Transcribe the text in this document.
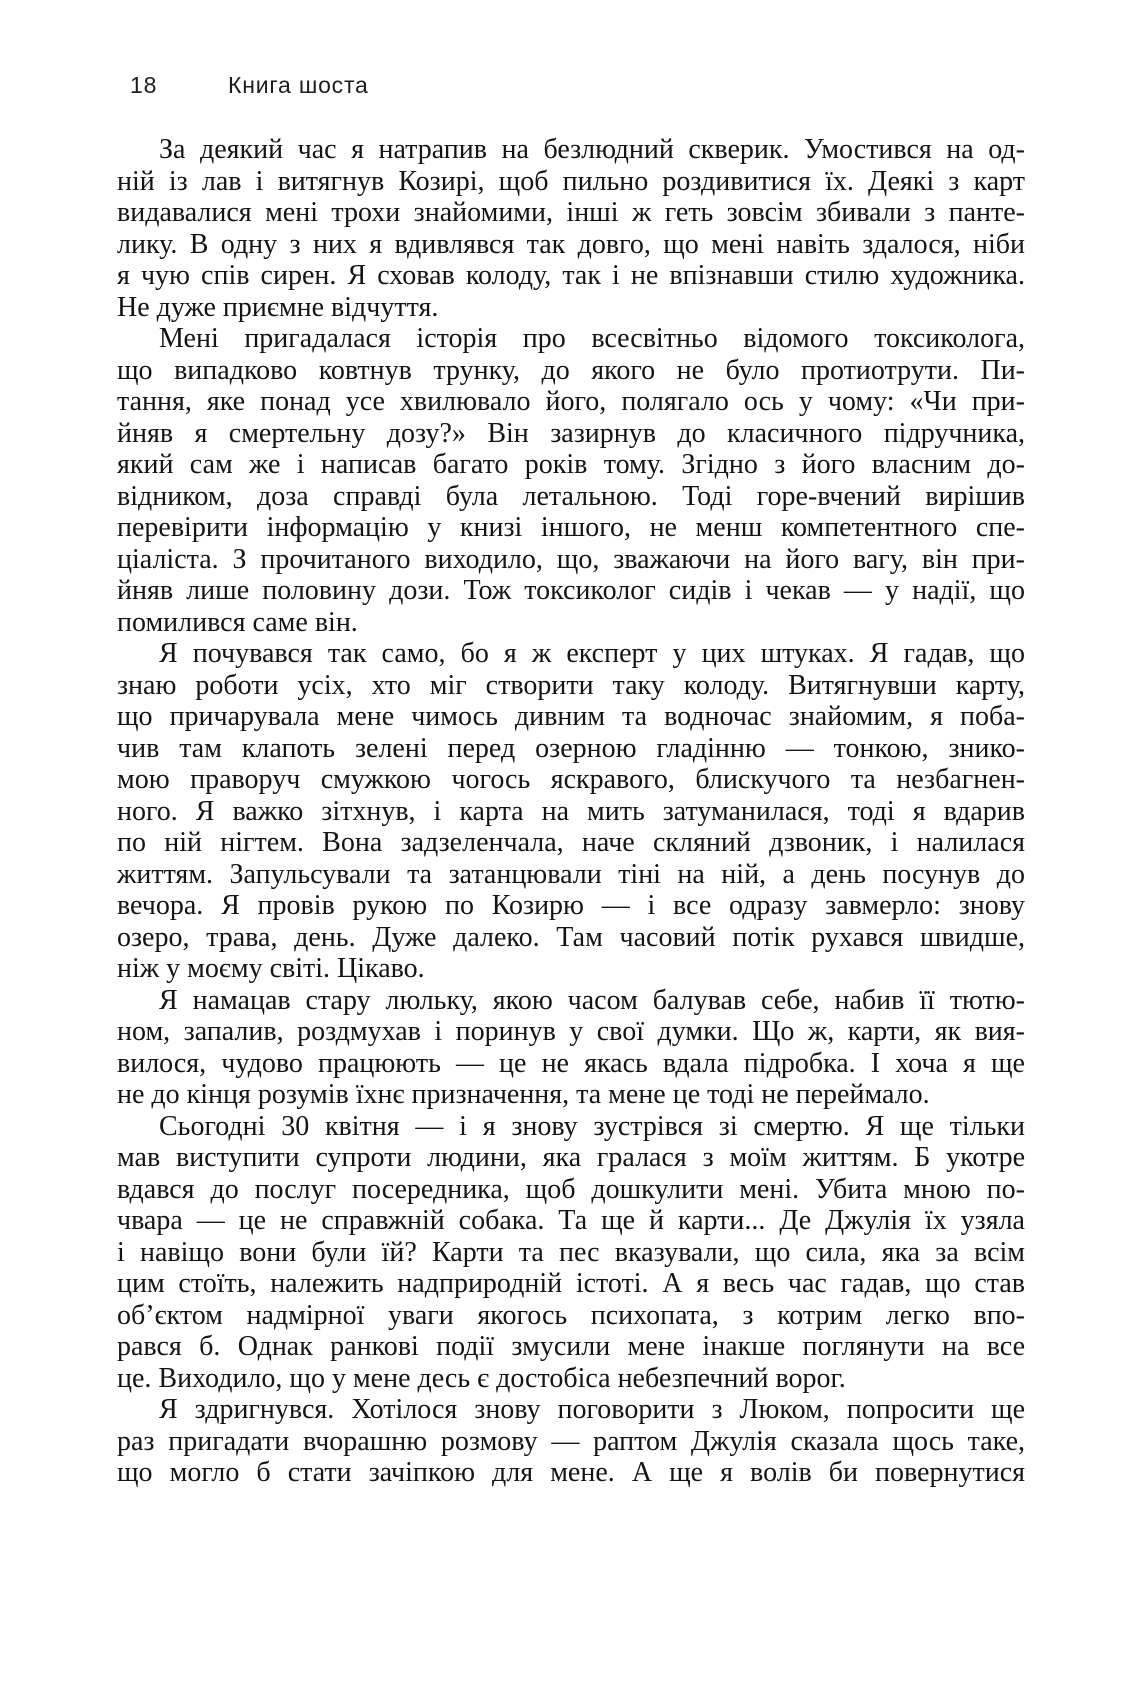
18	Книга шоста
За деякий час я натрапив на безлюдний скверик. Умостився на од-
ній із лав і витягнув Козирі, щоб пильно роздивитися їх. Деякі з карт
видавалися мені трохи знайомими, інші ж геть зовсім збивали з панте-
лику. В одну з них я вдивлявся так довго, що мені навіть здалося, ніби
я чую спів сирен. Я сховав колоду, так і не впізнавши стилю художника.
Не дуже приємне відчуття.
Мені пригадалася історія про всесвітньо відомого токсиколога,
що випадково ковтнув трунку, до якого не було протиотрути. Пи-
тання, яке понад усе хвилювало його, полягало ось у чому: «Чи при-
йняв я смертельну дозу?» Він зазирнув до класичного підручника,
який сам же і написав багато років тому. Згідно з його власним до-
відником, доза справді була летальною. Тоді горе-вчений вирішив
перевірити інформацію у книзі іншого, не менш компетентного спе-
ціаліста. З прочитаного виходило, що, зважаючи на його вагу, він при-
йняв лише половину дози. Тож токсиколог сидів і чекав — у надії, що
помилився саме він.
Я почувався так само, бо я ж експерт у цих штуках. Я гадав, що
знаю роботи усіх, хто міг створити таку колоду. Витягнувши карту,
що причарувала мене чимось дивним та водночас знайомим, я поба-
чив там клапоть зелені перед озерною гладінню — тонкою, знико-
мою праворуч смужкою чогось яскравого, блискучого та незбагнен-
ного. Я важко зітхнув, і карта на мить затуманилася, тоді я вдарив
по ній нігтем. Вона задзеленчала, наче скляний дзвоник, і налилася
життям. Запульсували та затанцювали тіні на ній, а день посунув до
вечора. Я провів рукою по Козирю — і все одразу завмерло: знову
озеро, трава, день. Дуже далеко. Там часовий потік рухався швидше,
ніж у моєму світі. Цікаво.
Я намацав стару люльку, якою часом балував себе, набив її тютю-
ном, запалив, роздмухав і поринув у свої думки. Що ж, карти, як вия-
вилося, чудово працюють — це не якась вдала підробка. І хоча я ще
не до кінця розумів їхнє призначення, та мене це тоді не переймало.
Сьогодні 30 квітня — і я знову зустрівся зі смертю. Я ще тільки
мав виступити супроти людини, яка гралася з моїм життям. Б укотре
вдався до послуг посередника, щоб дошкулити мені. Убита мною по-
чвара — це не справжній собака. Та ще й карти... Де Джулія їх узяла
і навіщо вони були їй? Карти та пес вказували, що сила, яка за всім
цим стоїть, належить надприродній істоті. А я весь час гадав, що став
об’єктом надмірної уваги якогось психопата, з котрим легко впо-
рався б. Однак ранкові події змусили мене інакше поглянути на все
це. Виходило, що у мене десь є достобіса небезпечний ворог.
Я здригнувся. Хотілося знову поговорити з Люком, попросити ще
раз пригадати вчорашню розмову — раптом Джулія сказала щось таке,
що могло б стати зачіпкою для мене. А ще я волів би повернутися
